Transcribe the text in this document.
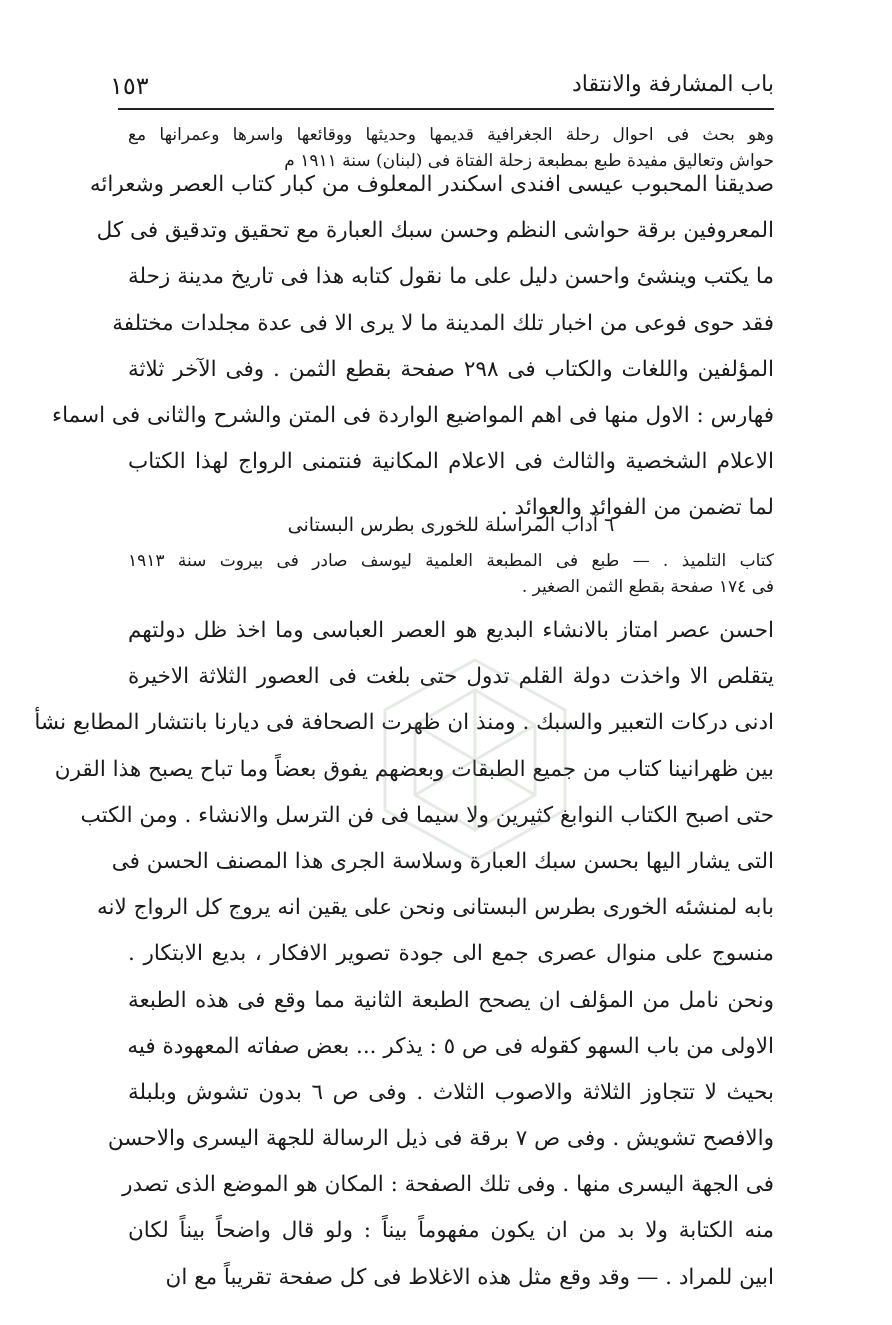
باب المشارفة والانتقاد
١٥٣
وهو بحث فى احوال رحلة الجغرافية قديمها وحديثها ووقائعها واسرها وعمرانها مع
حواش وتعاليق مفيدة طبع بمطبعة زحلة الفتاة فى (لبنان) سنة ١٩١١ م
صديقنا المحبوب عيسى افندى اسكندر المعلوف من كبار كتاب العصر وشعرائه
المعروفين برقة حواشى النظم وحسن سبك العبارة مع تحقيق وتدقيق فى كل
ما يكتب وينشئ واحسن دليل على ما نقول كتابه هذا فى تاريخ مدينة زحلة
فقد حوى فوعى من اخبار تلك المدينة ما لا يرى الا فى عدة مجلدات مختلفة
المؤلفين واللغات والكتاب فى ٢٩٨ صفحة بقطع الثمن . وفى الآخر ثلاثة
فهارس : الاول منها فى اهم المواضيع الواردة فى المتن والشرح والثانى فى اسماء
الاعلام الشخصية والثالث فى الاعلام المكانية فنتمنى الرواج لهذا الكتاب
لما تضمن من الفوائد والعوائد .
٦ آداب المراسلة للخورى بطرس البستانى
كتاب التلميذ . — طبع فى المطبعة العلمية ليوسف صادر فى بيروت سنة ١٩١٣
فى ١٧٤ صفحة بقطع الثمن الصغير .
احسن عصر امتاز بالانشاء البديع هو العصر العباسى وما اخذ ظل دولتهم
يتقلص الا واخذت دولة القلم تدول حتى بلغت فى العصور الثلاثة الاخيرة
ادنى دركات التعبير والسبك . ومنذ ان ظهرت الصحافة فى ديارنا بانتشار المطابع نشأ
بين ظهرانينا كتاب من جميع الطبقات وبعضهم يفوق بعضاً وما تباح يصبح هذا القرن
حتى اصبح الكتاب النوابغ كثيرين ولا سيما فى فن الترسل والانشاء . ومن الكتب
التى يشار اليها بحسن سبك العبارة وسلاسة الجرى هذا المصنف الحسن فى
بابه لمنشئه الخورى بطرس البستانى ونحن على يقين انه يروج كل الرواج لانه
منسوج على منوال عصرى جمع الى جودة تصوير الافكار ، بديع الابتكار .
ونحن نامل من المؤلف ان يصحح الطبعة الثانية مما وقع فى هذه الطبعة
الاولى من باب السهو كقوله فى ص ٥ : يذكر ... بعض صفاته المعهودة فيه
بحيث لا تتجاوز الثلاثة والاصوب الثلاث . وفى ص ٦ بدون تشوش وبلبلة
والافصح تشويش . وفى ص ٧ برقة فى ذيل الرسالة للجهة اليسرى والاحسن
فى الجهة اليسرى منها . وفى تلك الصفحة : المكان هو الموضع الذى تصدر
منه الكتابة ولا بد من ان يكون مفهوماً بيناً : ولو قال واضحاً بيناً لكان
ابين للمراد . — وقد وقع مثل هذه الاغلاط فى كل صفحة تقريباً مع ان
